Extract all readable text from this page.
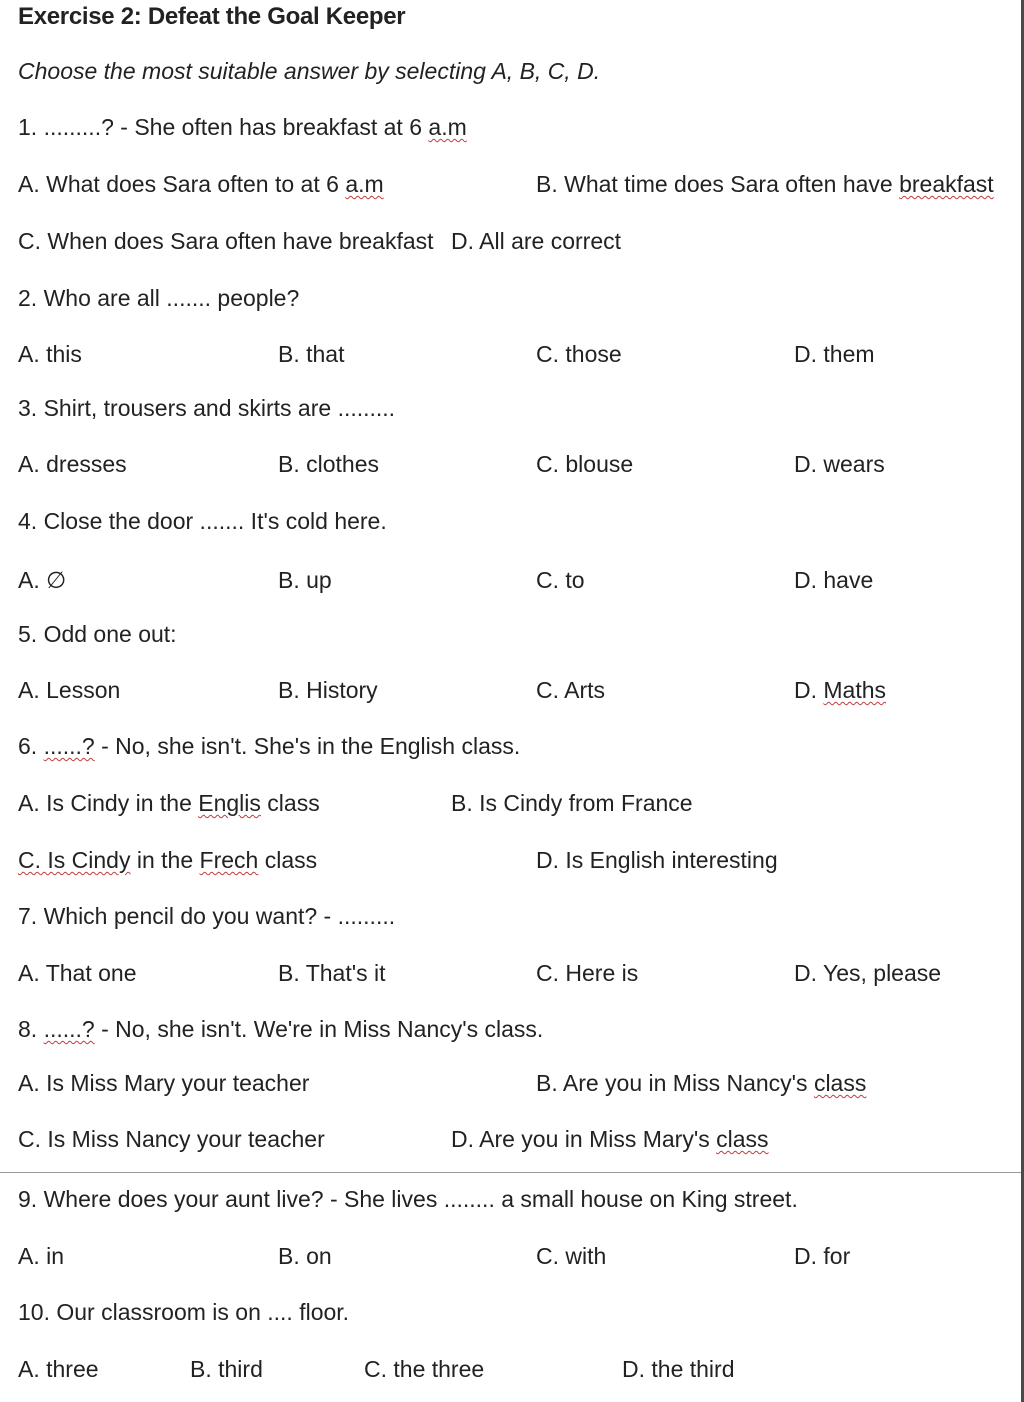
Exercise 2: Defeat the Goal Keeper
Choose the most suitable answer by selecting A, B, C, D.
1. .........? - She often has breakfast at 6 a.m
A. What does Sara often to at 6 a.m	B. What time does Sara often have breakfast
C. When does Sara often have breakfast D. All are correct
2. Who are all ....... people?
A. this	B. that	C. those	D. them
3. Shirt, trousers and skirts are .........
A. dresses	B. clothes	C. blouse	D. wears
4. Close the door ....... It's cold here.
A. ∅	B. up	C. to	D. have
5. Odd one out:
A. Lesson	B. History	C. Arts	D. Maths
6. ......? - No, she isn't. She's in the English class.
A. Is Cindy in the Englis class	B. Is Cindy from France
C. Is Cindy in the Frech class	D. Is English interesting
7. Which pencil do you want? - .........
A. That one	B. That's it	C. Here is	D. Yes, please
8. ......? - No, she isn't. We're in Miss Nancy's class.
A. Is Miss Mary your teacher	B. Are you in Miss Nancy's class
C. Is Miss Nancy your teacher	D. Are you in Miss Mary's class
9. Where does your aunt live? - She lives ........ a small house on King street.
A. in	B. on	C. with	D. for
10. Our classroom is on .... floor.
A. three	B. third	C. the three	D. the third
